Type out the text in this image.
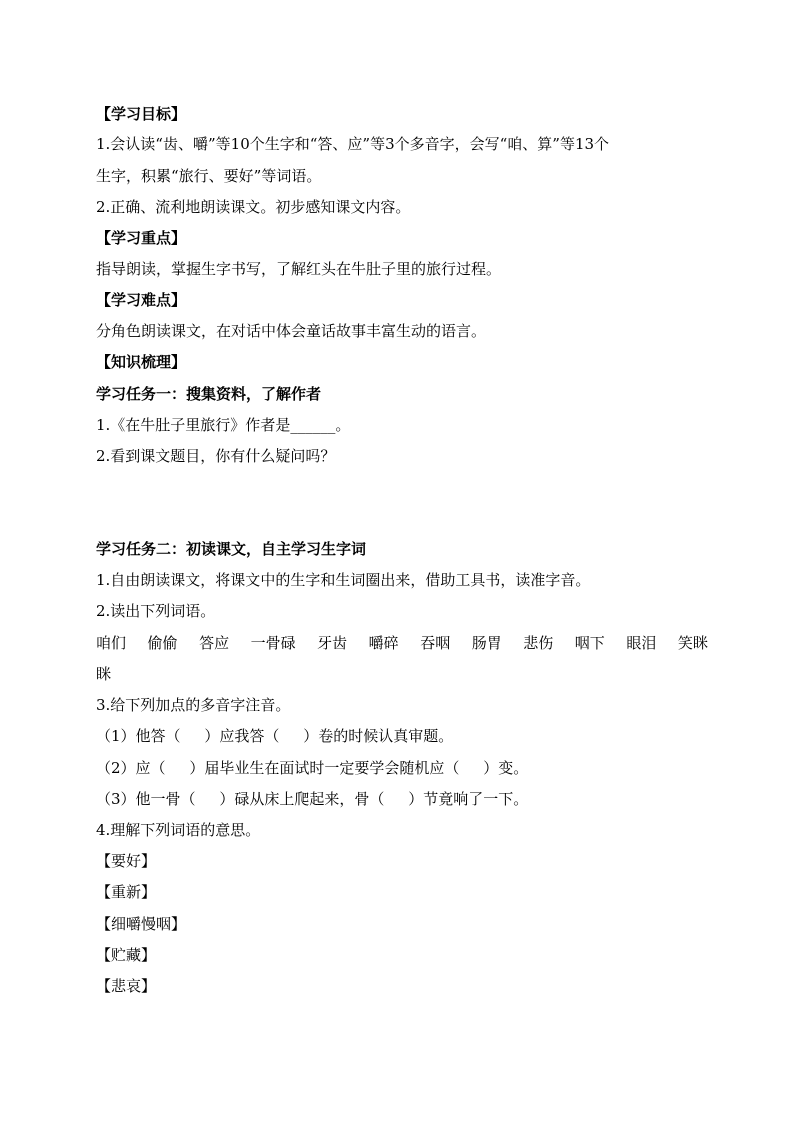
【学习目标】
1.会认读“齿、嚼”等10个生字和“答、应”等3个多音字，会写“咱、算”等13个
生字，积累“旅行、要好”等词语。
2.正确、流利地朗读课文。初步感知课文内容。
【学习重点】
指导朗读，掌握生字书写，了解红头在牛肚子里的旅行过程。
【学习难点】
分角色朗读课文，在对话中体会童话故事丰富生动的语言。
【知识梳理】
学习任务一：搜集资料，了解作者
1.《在牛肚子里旅行》作者是______。
2.看到课文题目，你有什么疑问吗？
学习任务二：初读课文，自主学习生字词
1.自由朗读课文，将课文中的生字和生词圈出来，借助工具书，读准字音。
2.读出下列词语。
咱们 偷偷 答应 一骨碌 牙齿 嚼碎 吞咽 肠胃 悲伤 咽下 眼泪 笑眯
眯
3.给下列加点的多音字注音。
（1）他答（     ）应我答（     ）卷的时候认真审题。
（2）应（     ）届毕业生在面试时一定要学会随机应（     ）变。
（3）他一骨（     ）碌从床上爬起来，骨（     ）节竟响了一下。
4.理解下列词语的意思。
【要好】
【重新】
【细嚼慢咽】
【贮藏】
【悲哀】
